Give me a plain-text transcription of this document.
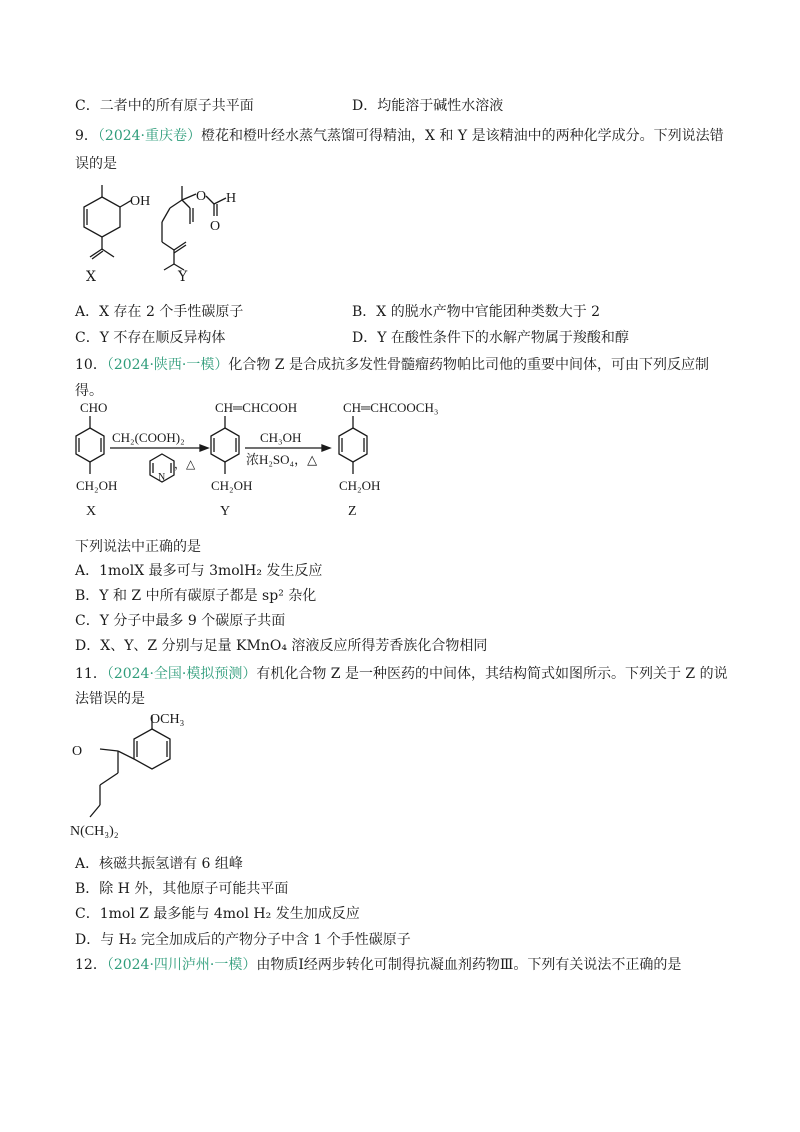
C．二者中的所有原子共平面	D．均能溶于碱性水溶液
9．（2024·重庆卷）橙花和橙叶经水蒸气蒸馏可得精油，X 和 Y 是该精油中的两种化学成分。下列说法错
误的是
OH
X
O H
O
Y
A．X 存在 2 个手性碳原子	B．X 的脱水产物中官能团种类数大于 2
C．Y 不存在顺反异构体	D．Y 在酸性条件下的水解产物属于羧酸和醇
10．（2024·陕西·一模）化合物 Z 是合成抗多发性骨髓瘤药物帕比司他的重要中间体，可由下列反应制
得。
CHO
CH₂OH
CH₂(COOH)₂
N
，△
CH═CHCOOH
CH₂OH
CH₃OH
浓H₂SO₄，△
CH═CHCOOCH₃
CH₂OH
X	Y	Z
下列说法中正确的是
A．1molX 最多可与 3molH₂ 发生反应
B．Y 和 Z 中所有碳原子都是 sp² 杂化
C．Y 分子中最多 9 个碳原子共面
D．X、Y、Z 分别与足量 KMnO₄ 溶液反应所得芳香族化合物相同
11．（2024·全国·模拟预测）有机化合物 Z 是一种医药的中间体，其结构简式如图所示。下列关于 Z 的说
法错误的是
OCH₃
O
N(CH₃)₂
A．核磁共振氢谱有 6 组峰
B．除 H 外，其他原子可能共平面
C．1mol Z 最多能与 4mol H₂ 发生加成反应
D．与 H₂ 完全加成后的产物分子中含 1 个手性碳原子
12．（2024·四川泸州·一模）由物质Ⅰ经两步转化可制得抗凝血剂药物Ⅲ。下列有关说法不正确的是
